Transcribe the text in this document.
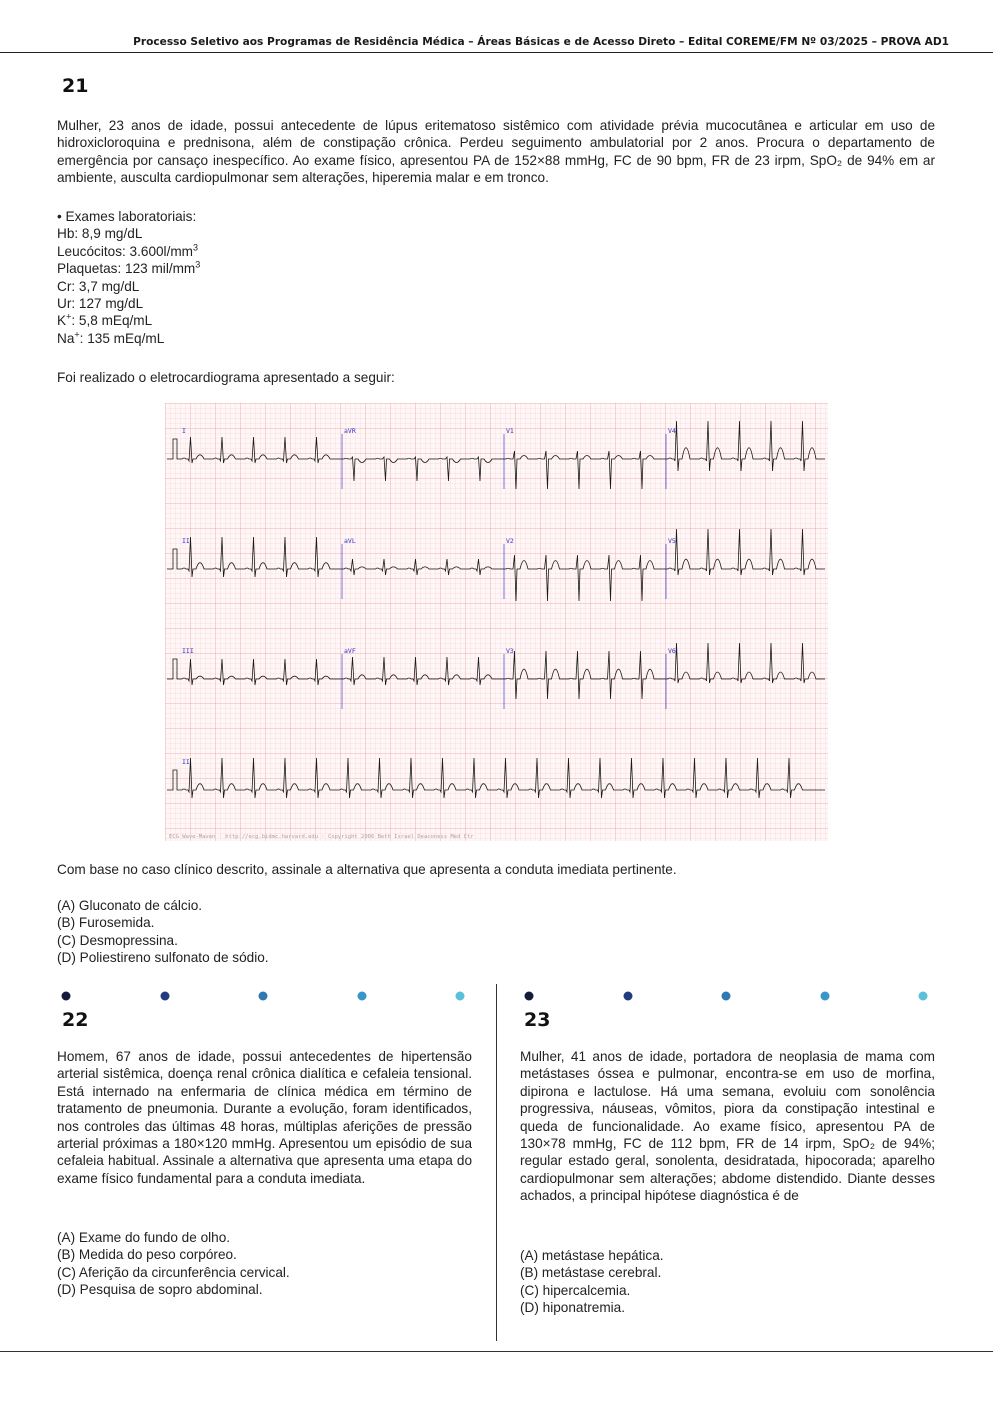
Processo Seletivo aos Programas de Residência Médica – Áreas Básicas e de Acesso Direto – Edital COREME/FM Nº 03/2025 – PROVA AD1
21
Mulher, 23 anos de idade, possui antecedente de lúpus eritematoso sistêmico com atividade prévia mucocutânea e articular em uso de hidroxicloroquina e prednisona, além de constipação crônica. Perdeu seguimento ambulatorial por 2 anos. Procura o departamento de emergência por cansaço inespecífico. Ao exame físico, apresentou PA de 152×88 mmHg, FC de 90 bpm, FR de 23 irpm, SpO₂ de 94% em ar ambiente, ausculta cardiopulmonar sem alterações, hiperemia malar e em tronco.
• Exames laboratoriais:
Hb: 8,9 mg/dL
Leucócitos: $3.600l/mm^3$
Plaquetas: 123 mil/$mm^3$
Cr: 3,7 mg/dL
Ur: 127 mg/dL
K+: 5,8 mEq/mL
Na+: 135 mEq/mL
Foi realizado o eletrocardiograma apresentado a seguir:
I	aVR	V1	V4
II	aVL	V2	V5
III	aVF	V3	V6
II
ECG Wave-Maven · http://ecg.bidmc.harvard.edu · Copyright 2006 Beth Israel Deaconess Med Ctr
Com base no caso clínico descrito, assinale a alternativa que apresenta a conduta imediata pertinente.
(A) Gluconato de cálcio.
(B) Furosemida.
(C) Desmopressina.
(D) Poliestireno sulfonato de sódio.
22
Homem, 67 anos de idade, possui antecedentes de hipertensão arterial sistêmica, doença renal crônica dialítica e cefaleia tensional. Está internado na enfermaria de clínica médica em término de tratamento de pneumonia. Durante a evolução, foram identificados, nos controles das últimas 48 horas, múltiplas aferições de pressão arterial próximas a 180×120 mmHg. Apresentou um episódio de sua cefaleia habitual. Assinale a alternativa que apresenta uma etapa do exame físico fundamental para a conduta imediata.
(A) Exame do fundo de olho.
(B) Medida do peso corpóreo.
(C) Aferição da circunferência cervical.
(D) Pesquisa de sopro abdominal.
23
Mulher, 41 anos de idade, portadora de neoplasia de mama com metástases óssea e pulmonar, encontra-se em uso de morfina, dipirona e lactulose. Há uma semana, evoluiu com sonolência progressiva, náuseas, vômitos, piora da constipação intestinal e queda de funcionalidade. Ao exame físico, apresentou PA de 130×78 mmHg, FC de 112 bpm, FR de 14 irpm, SpO₂ de 94%; regular estado geral, sonolenta, desidratada, hipocorada; aparelho cardiopulmonar sem alterações; abdome distendido. Diante desses achados, a principal hipótese diagnóstica é de
(A) metástase hepática.
(B) metástase cerebral.
(C) hipercalcemia.
(D) hiponatremia.
